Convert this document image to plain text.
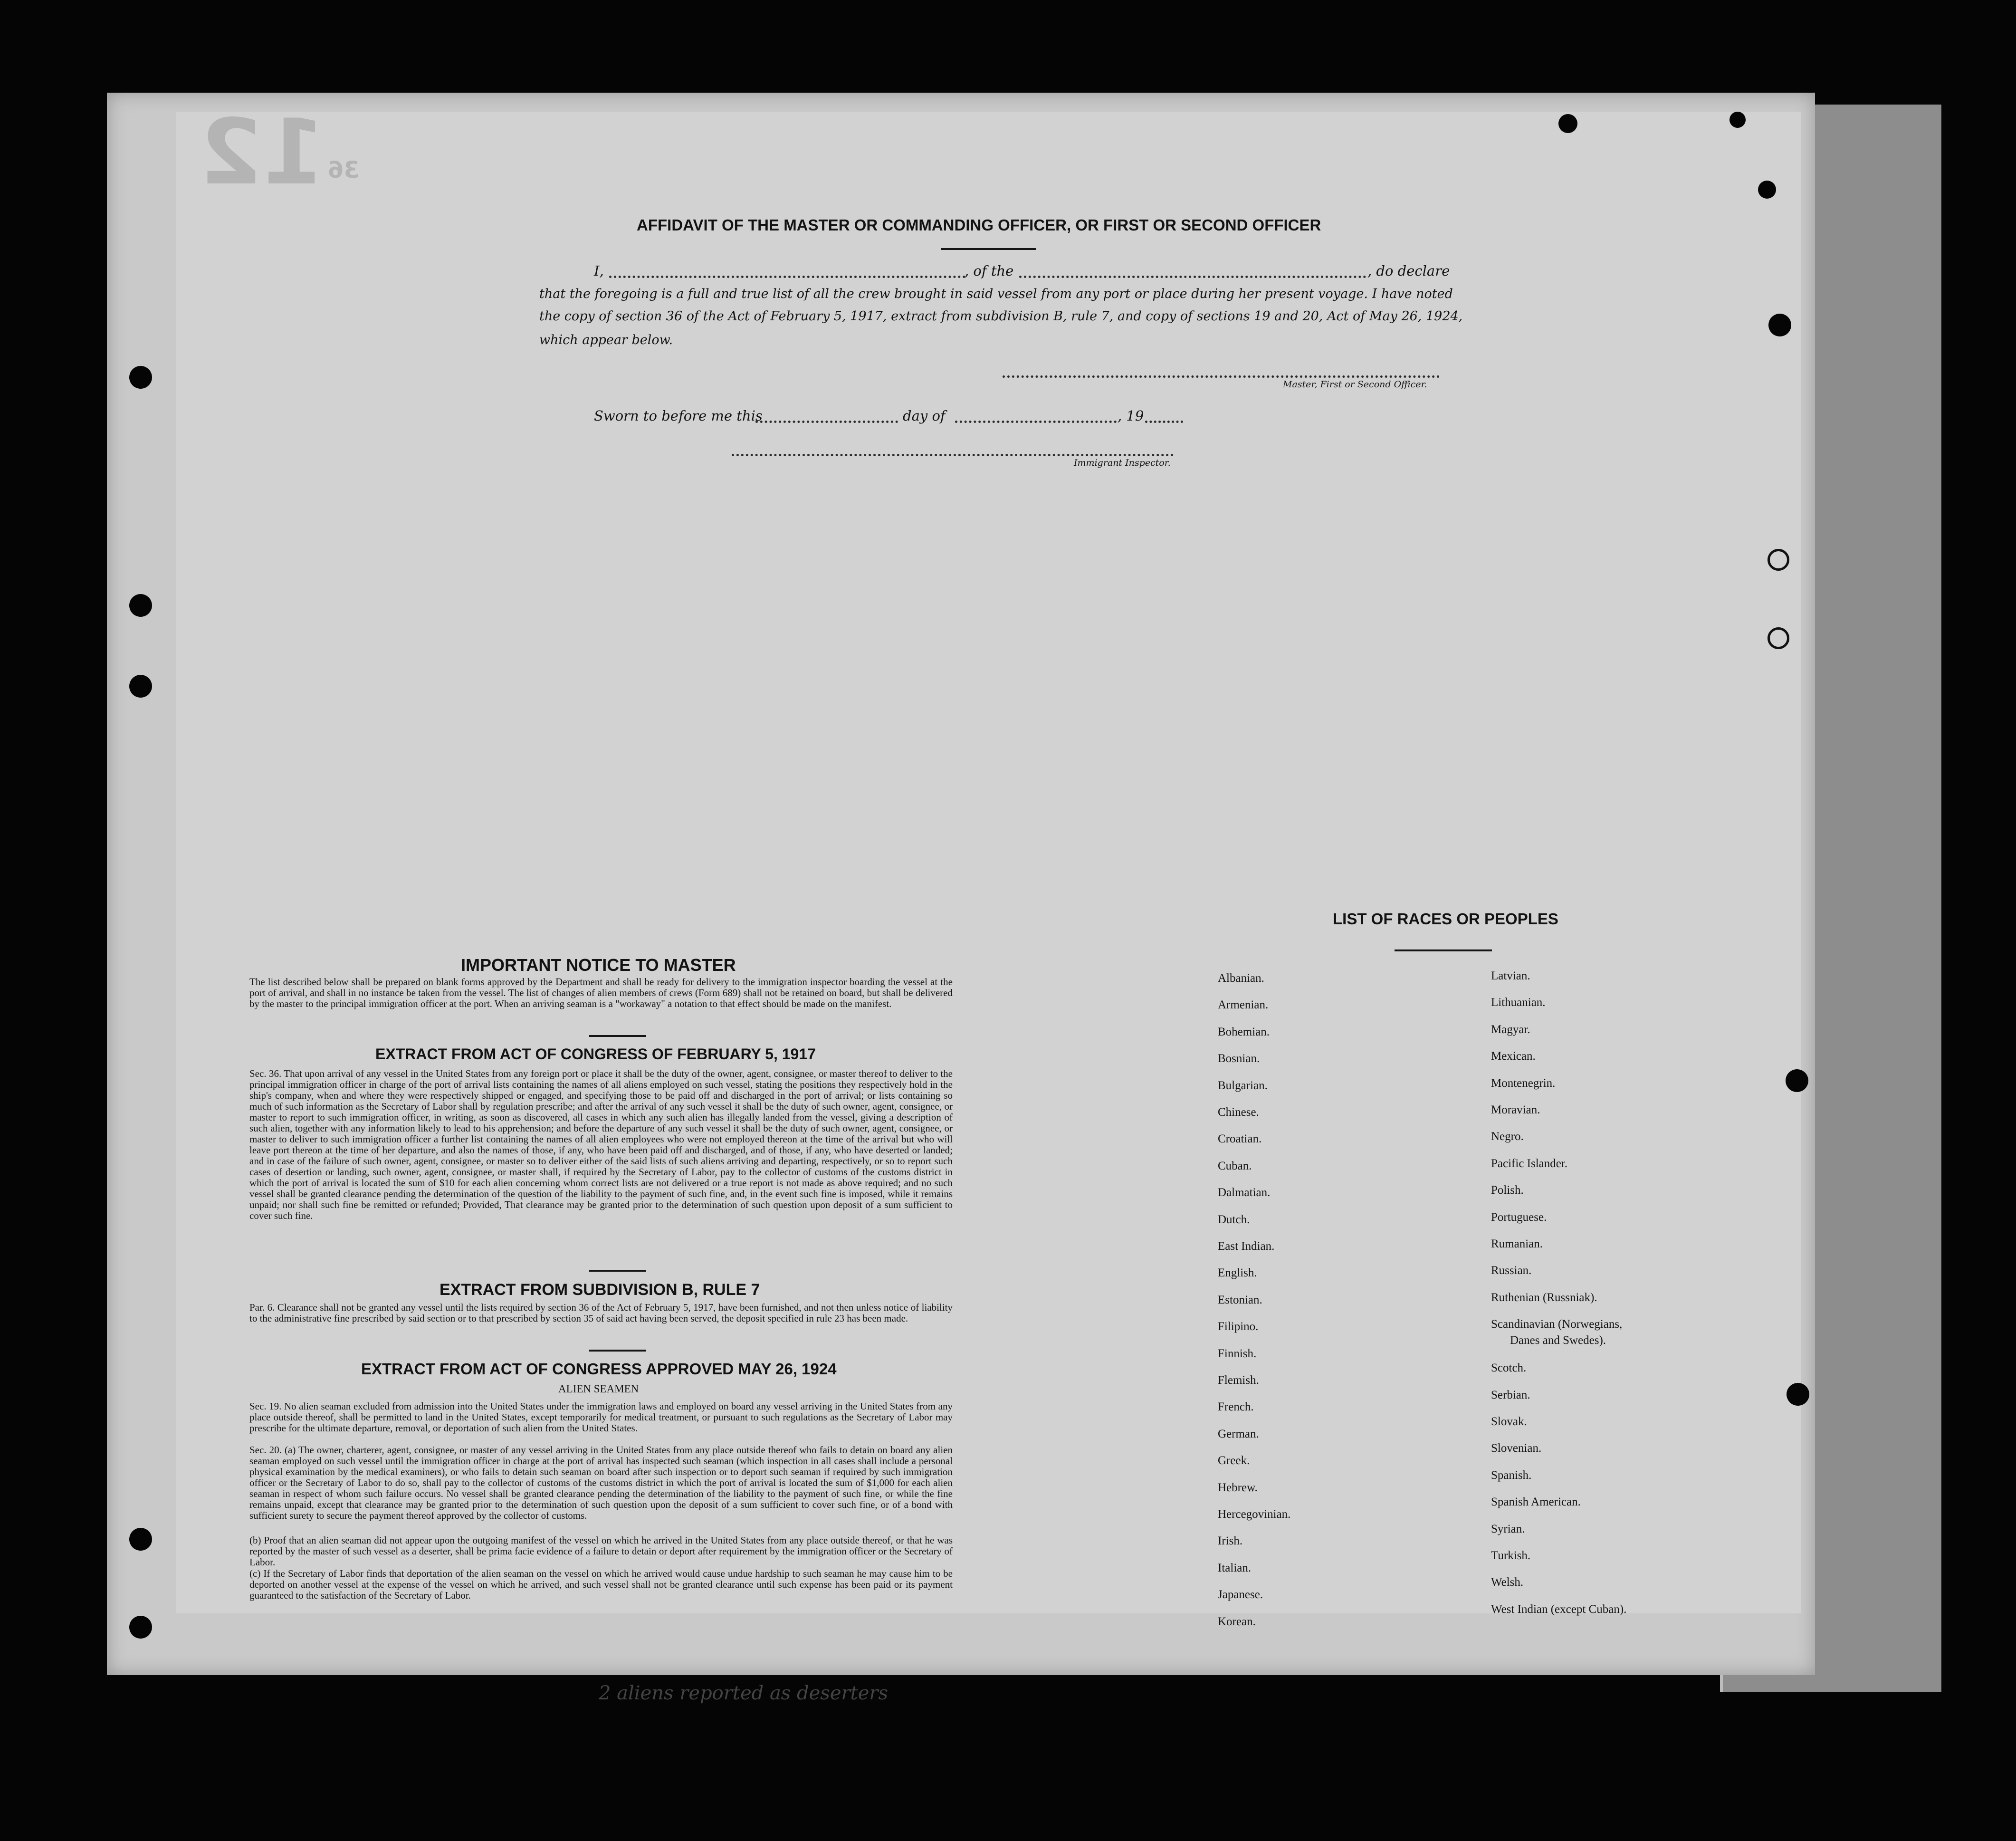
12 36
AFFIDAVIT OF THE MASTER OR COMMANDING OFFICER, OR FIRST OR SECOND OFFICER
I,	, of the	, do declare
that the foregoing is a full and true list of all the crew brought in said vessel from any port or place during her present voyage. I have noted
the copy of section 36 of the Act of February 5, 1917, extract from subdivision B, rule 7, and copy of sections 19 and 20, Act of May 26, 1924,
which appear below.
Master, First or Second Officer.
Sworn to before me this	day of	, 19
Immigrant Inspector.
IMPORTANT NOTICE TO MASTER
The list described below shall be prepared on blank forms approved by the Department and shall be ready for delivery to the immigration inspector boarding the vessel at the port of arrival, and shall in no instance be taken from the vessel. The list of changes of alien members of crews (Form 689) shall not be retained on board, but shall be delivered by the master to the principal immigration officer at the port. When an arriving seaman is a "workaway" a notation to that effect should be made on the manifest.
EXTRACT FROM ACT OF CONGRESS OF FEBRUARY 5, 1917
Sec. 36. That upon arrival of any vessel in the United States from any foreign port or place it shall be the duty of the owner, agent, consignee, or master thereof to deliver to the principal immigration officer in charge of the port of arrival lists containing the names of all aliens employed on such vessel, stating the positions they respectively hold in the ship's company, when and where they were respectively shipped or engaged, and specifying those to be paid off and discharged in the port of arrival; or lists containing so much of such information as the Secretary of Labor shall by regulation prescribe; and after the arrival of any such vessel it shall be the duty of such owner, agent, consignee, or master to report to such immigration officer, in writing, as soon as discovered, all cases in which any such alien has illegally landed from the vessel, giving a description of such alien, together with any information likely to lead to his apprehension; and before the departure of any such vessel it shall be the duty of such owner, agent, consignee, or master to deliver to such immigration officer a further list containing the names of all alien employees who were not employed thereon at the time of the arrival but who will leave port thereon at the time of her departure, and also the names of those, if any, who have been paid off and discharged, and of those, if any, who have deserted or landed; and in case of the failure of such owner, agent, consignee, or master so to deliver either of the said lists of such aliens arriving and departing, respectively, or so to report such cases of desertion or landing, such owner, agent, consignee, or master shall, if required by the Secretary of Labor, pay to the collector of customs of the customs district in which the port of arrival is located the sum of $10 for each alien concerning whom correct lists are not delivered or a true report is not made as above required; and no such vessel shall be granted clearance pending the determination of the question of the liability to the payment of such fine, and, in the event such fine is imposed, while it remains unpaid; nor shall such fine be remitted or refunded; Provided, That clearance may be granted prior to the determination of such question upon deposit of a sum sufficient to cover such fine.
EXTRACT FROM SUBDIVISION B, RULE 7
Par. 6. Clearance shall not be granted any vessel until the lists required by section 36 of the Act of February 5, 1917, have been furnished, and not then unless notice of liability to the administrative fine prescribed by said section or to that prescribed by section 35 of said act having been served, the deposit specified in rule 23 has been made.
EXTRACT FROM ACT OF CONGRESS APPROVED MAY 26, 1924
ALIEN SEAMEN
Sec. 19. No alien seaman excluded from admission into the United States under the immigration laws and employed on board any vessel arriving in the United States from any place outside thereof, shall be permitted to land in the United States, except temporarily for medical treatment, or pursuant to such regulations as the Secretary of Labor may prescribe for the ultimate departure, removal, or deportation of such alien from the United States.
Sec. 20. (a) The owner, charterer, agent, consignee, or master of any vessel arriving in the United States from any place outside thereof who fails to detain on board any alien seaman employed on such vessel until the immigration officer in charge at the port of arrival has inspected such seaman (which inspection in all cases shall include a personal physical examination by the medical examiners), or who fails to detain such seaman on board after such inspection or to deport such seaman if required by such immigration officer or the Secretary of Labor to do so, shall pay to the collector of customs of the customs district in which the port of arrival is located the sum of $1,000 for each alien seaman in respect of whom such failure occurs. No vessel shall be granted clearance pending the determination of the liability to the payment of such fine, or while the fine remains unpaid, except that clearance may be granted prior to the determination of such question upon the deposit of a sum sufficient to cover such fine, or of a bond with sufficient surety to secure the payment thereof approved by the collector of customs.
(b) Proof that an alien seaman did not appear upon the outgoing manifest of the vessel on which he arrived in the United States from any place outside thereof, or that he was reported by the master of such vessel as a deserter, shall be prima facie evidence of a failure to detain or deport after requirement by the immigration officer or the Secretary of Labor.
(c) If the Secretary of Labor finds that deportation of the alien seaman on the vessel on which he arrived would cause undue hardship to such seaman he may cause him to be deported on another vessel at the expense of the vessel on which he arrived, and such vessel shall not be granted clearance until such expense has been paid or its payment guaranteed to the satisfaction of the Secretary of Labor.
LIST OF RACES OR PEOPLES
Albanian.
Armenian.
Bohemian.
Bosnian.
Bulgarian.
Chinese.
Croatian.
Cuban.
Dalmatian.
Dutch.
East Indian.
English.
Estonian.
Filipino.
Finnish.
Flemish.
French.
German.
Greek.
Hebrew.
Hercegovinian.
Irish.
Italian.
Japanese.
Korean.
Latvian.
Lithuanian.
Magyar.
Mexican.
Montenegrin.
Moravian.
Negro.
Pacific Islander.
Polish.
Portuguese.
Rumanian.
Russian.
Ruthenian (Russniak).
Scandinavian (Norwegians,
Danes and Swedes).
Scotch.
Serbian.
Slovak.
Slovenian.
Spanish.
Spanish American.
Syrian.
Turkish.
Welsh.
West Indian (except Cuban).
2 aliens reported as deserters
